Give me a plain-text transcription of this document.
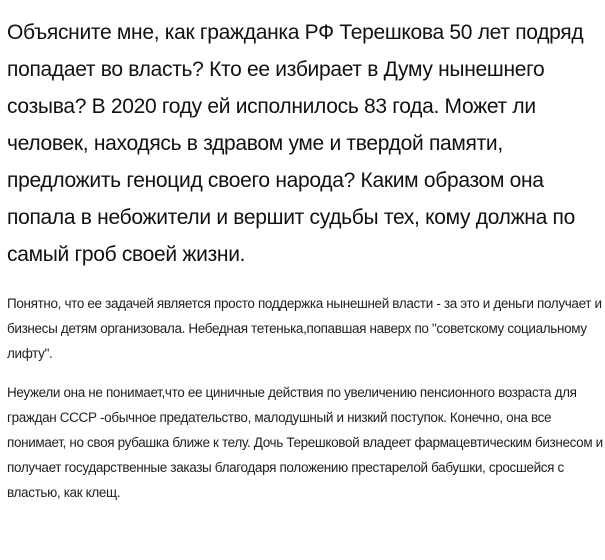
Объясните мне, как гражданка РФ Терешкова 50 лет подряд попадает во власть? Кто ее избирает в Думу нынешнего созыва? В 2020 году ей исполнилось 83 года. Может ли человек, находясь в здравом уме и твердой памяти, предложить геноцид своего народа? Каким образом она попала в небожители и вершит судьбы тех, кому должна по самый гроб своей жизни.

Понятно, что ее задачей является просто поддержка нынешней власти - за это и деньги получает и бизнесы детям организовала. Небедная тетенька,попавшая наверх по "советскому социальному лифту".

Неужели она не понимает,что ее циничные действия по увеличению пенсионного возраста для граждан СССР -обычное предательство, малодушный и низкий поступок. Конечно, она все понимает, но своя рубашка ближе к телу. Дочь Терешковой владеет фармацевтическим бизнесом и получает государственные заказы благодаря положению престарелой бабушки, сросшейся с властью, как клещ.
